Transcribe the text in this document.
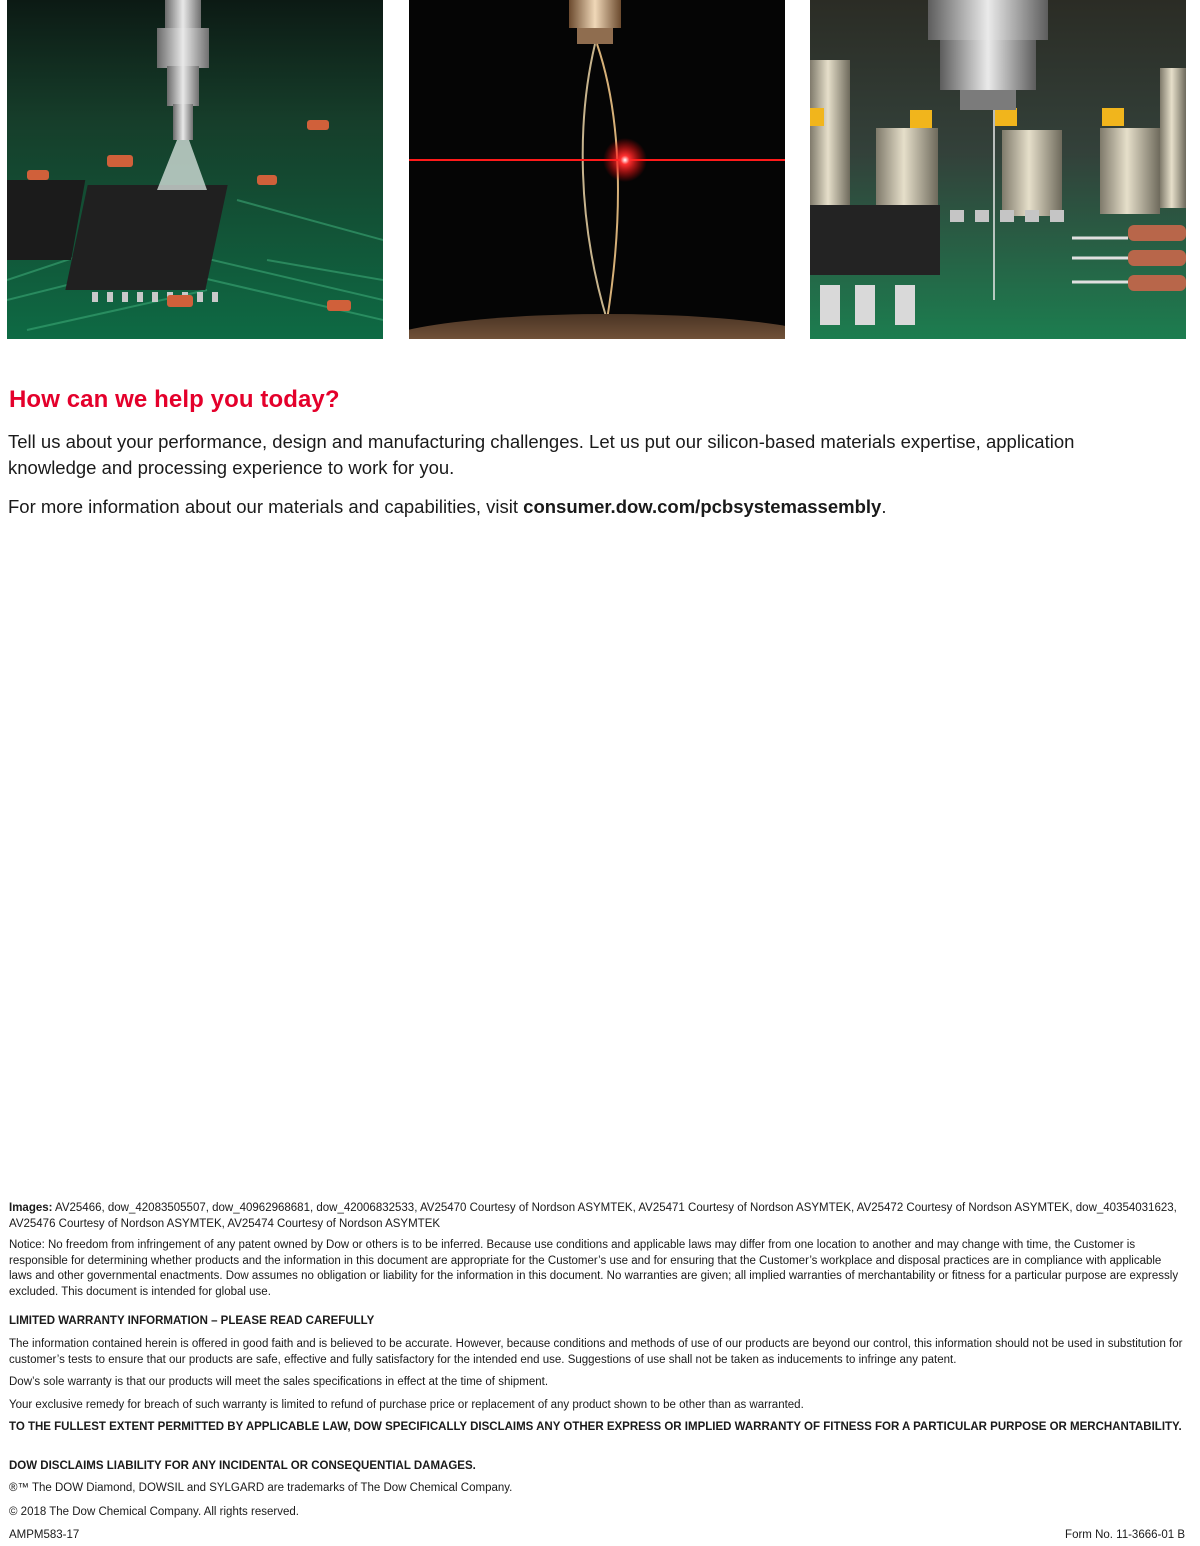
How can we help you today?
Tell us about your performance, design and manufacturing challenges. Let us put our silicon-based materials expertise, application knowledge and processing experience to work for you.
For more information about our materials and capabilities, visit consumer.dow.com/pcbsystemassembly.
Images: AV25466, dow_42083505507, dow_40962968681, dow_42006832533, AV25470 Courtesy of Nordson ASYMTEK, AV25471 Courtesy of Nordson ASYMTEK, AV25472 Courtesy of Nordson ASYMTEK, dow_40354031623, AV25476 Courtesy of Nordson ASYMTEK, AV25474 Courtesy of Nordson ASYMTEK
Notice: No freedom from infringement of any patent owned by Dow or others is to be inferred. Because use conditions and applicable laws may differ from one location to another and may change with time, the Customer is responsible for determining whether products and the information in this document are appropriate for the Customer’s use and for ensuring that the Customer’s workplace and disposal practices are in compliance with applicable laws and other governmental enactments. Dow assumes no obligation or liability for the information in this document. No warranties are given; all implied warranties of merchantability or fitness for a particular purpose are expressly excluded. This document is intended for global use.
LIMITED WARRANTY INFORMATION – PLEASE READ CAREFULLY
The information contained herein is offered in good faith and is believed to be accurate. However, because conditions and methods of use of our products are beyond our control, this information should not be used in substitution for customer’s tests to ensure that our products are safe, effective and fully satisfactory for the intended end use. Suggestions of use shall not be taken as inducements to infringe any patent.
Dow’s sole warranty is that our products will meet the sales specifications in effect at the time of shipment.
Your exclusive remedy for breach of such warranty is limited to refund of purchase price or replacement of any product shown to be other than as warranted.
TO THE FULLEST EXTENT PERMITTED BY APPLICABLE LAW, DOW SPECIFICALLY DISCLAIMS ANY OTHER EXPRESS OR IMPLIED WARRANTY OF FITNESS FOR A PARTICULAR PURPOSE OR MERCHANTABILITY.
DOW DISCLAIMS LIABILITY FOR ANY INCIDENTAL OR CONSEQUENTIAL DAMAGES.
®™ The DOW Diamond, DOWSIL and SYLGARD are trademarks of The Dow Chemical Company.
© 2018 The Dow Chemical Company. All rights reserved.
AMPM583-17	Form No. 11-3666-01 B
